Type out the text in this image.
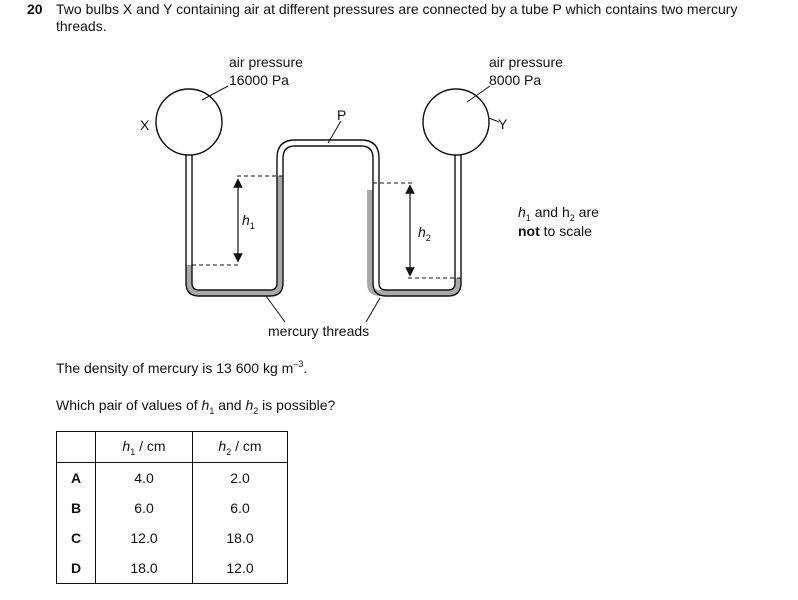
20 Two bulbs X and Y containing air at different pressures are connected by a tube P which contains two mercury threads.
X	Y
P
air pressure
16000 Pa
air pressure
8000 Pa
$h_1$	$h_2$
$h_1$ and $h_2$ are
not to scale
mercury threads
The density of mercury is 13 600 kg $m^{-3}$.
Which pair of values of $h_1$ and $h_2$ is possible?
	$h_1$ / cm	$h_2$ / cm
A	4.0	2.0
B	6.0	6.0
C	12.0	18.0
D	18.0	12.0
